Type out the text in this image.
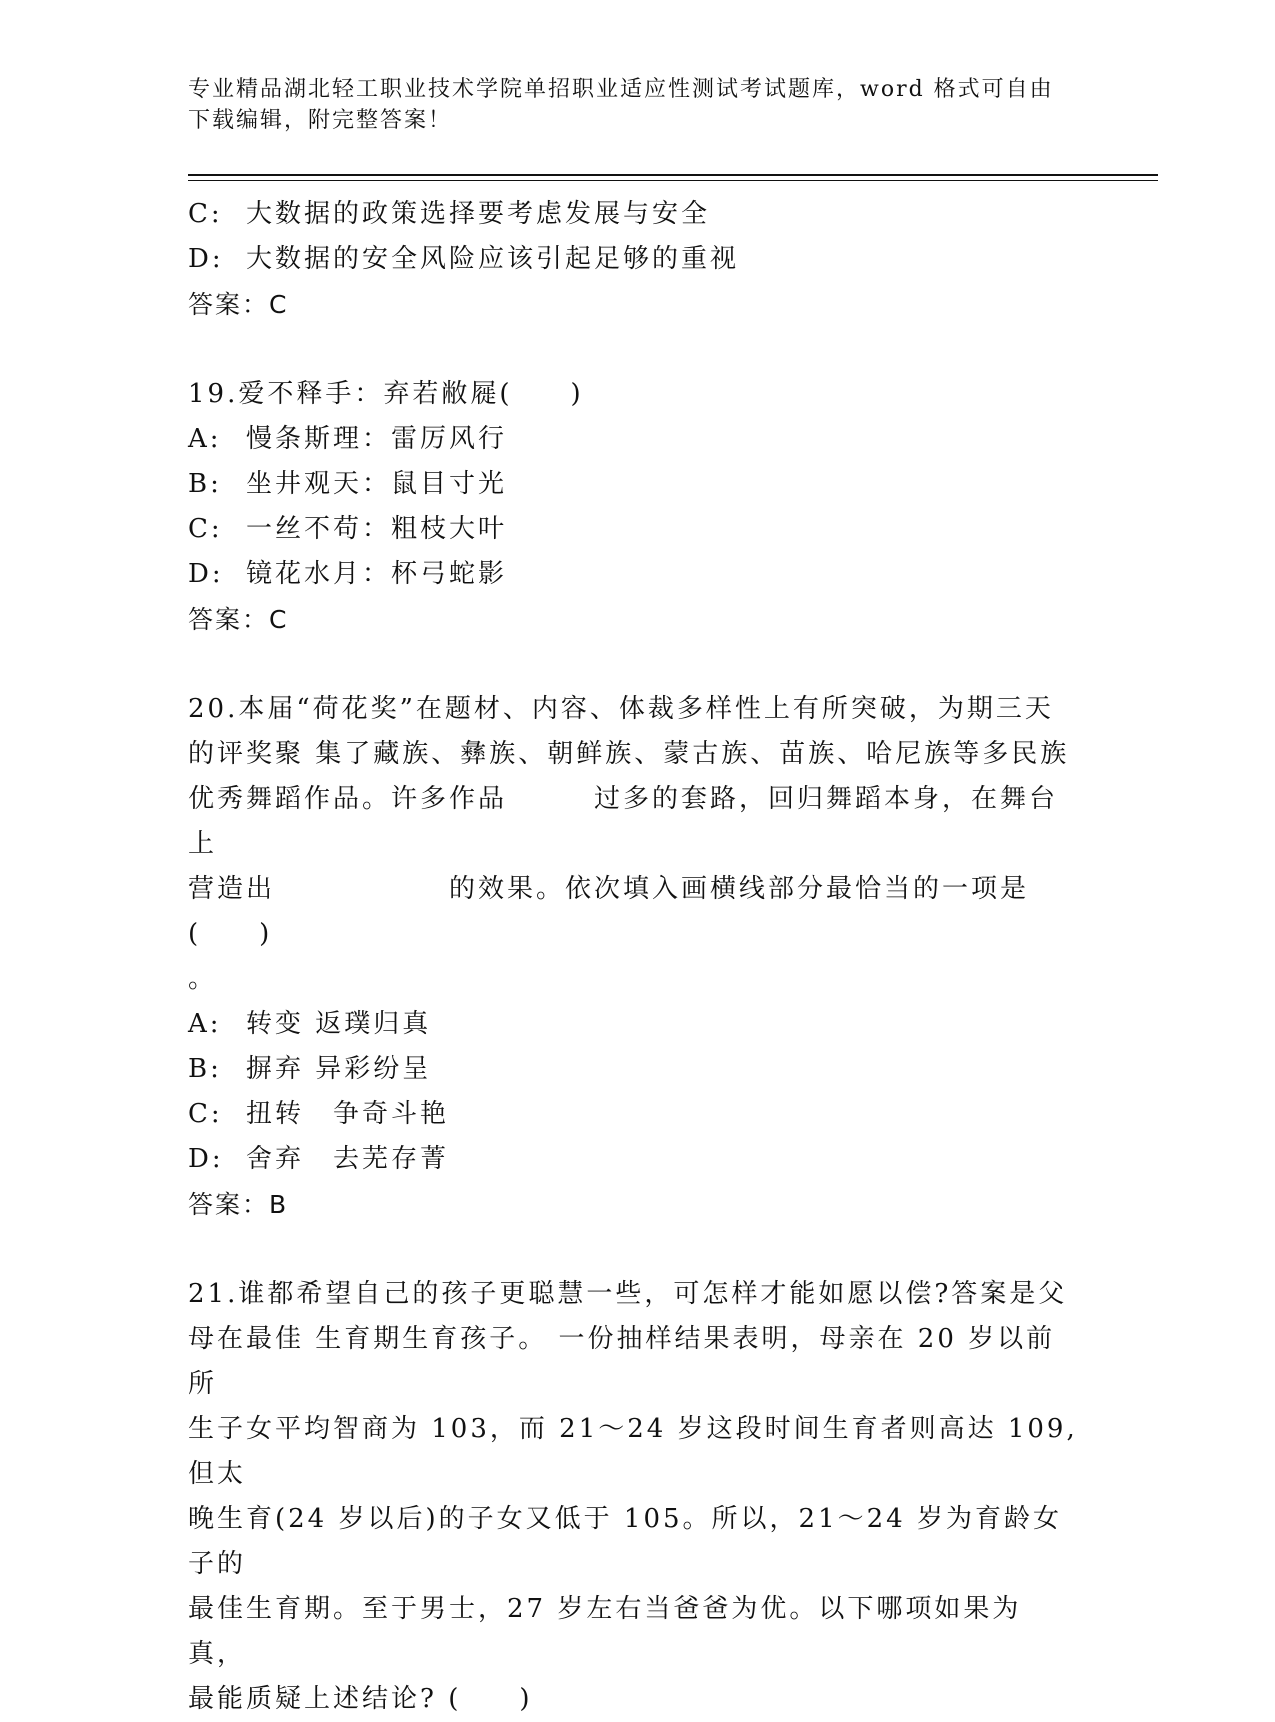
专业精品湖北轻工职业技术学院单招职业适应性测试考试题库，word 格式可自由下载编辑，附完整答案！
C: 大数据的政策选择要考虑发展与安全
D: 大数据的安全风险应该引起足够的重视
答案：C
19.爱不释手：弃若敝屣(　　)
A: 慢条斯理：雷厉风行
B: 坐井观天：鼠目寸光
C: 一丝不苟：粗枝大叶
D: 镜花水月：杯弓蛇影
答案：C
20.本届“荷花奖”在题材、内容、体裁多样性上有所突破，为期三天
的评奖聚 集了藏族、彝族、朝鲜族、蒙古族、苗族、哈尼族等多民族
优秀舞蹈作品。许多作品　　　过多的套路，回归舞蹈本身，在舞台上
营造出　　　　　　的效果。依次填入画横线部分最恰当的一项是(　　)
。
A: 转变 返璞归真
B: 摒弃 异彩纷呈
C: 扭转　争奇斗艳
D: 舍弃　去芜存菁
答案：B
21.谁都希望自己的孩子更聪慧一些，可怎样才能如愿以偿?答案是父
母在最佳 生育期生育孩子。 一份抽样结果表明，母亲在 20 岁以前所
生子女平均智商为 103，而 21～24 岁这段时间生育者则高达 109,但太
晚生育(24 岁以后)的子女又低于 105。所以，21～24 岁为育龄女子的
最佳生育期。至于男士，27 岁左右当爸爸为优。以下哪项如果为真，
最能质疑上述结论? (　　)
